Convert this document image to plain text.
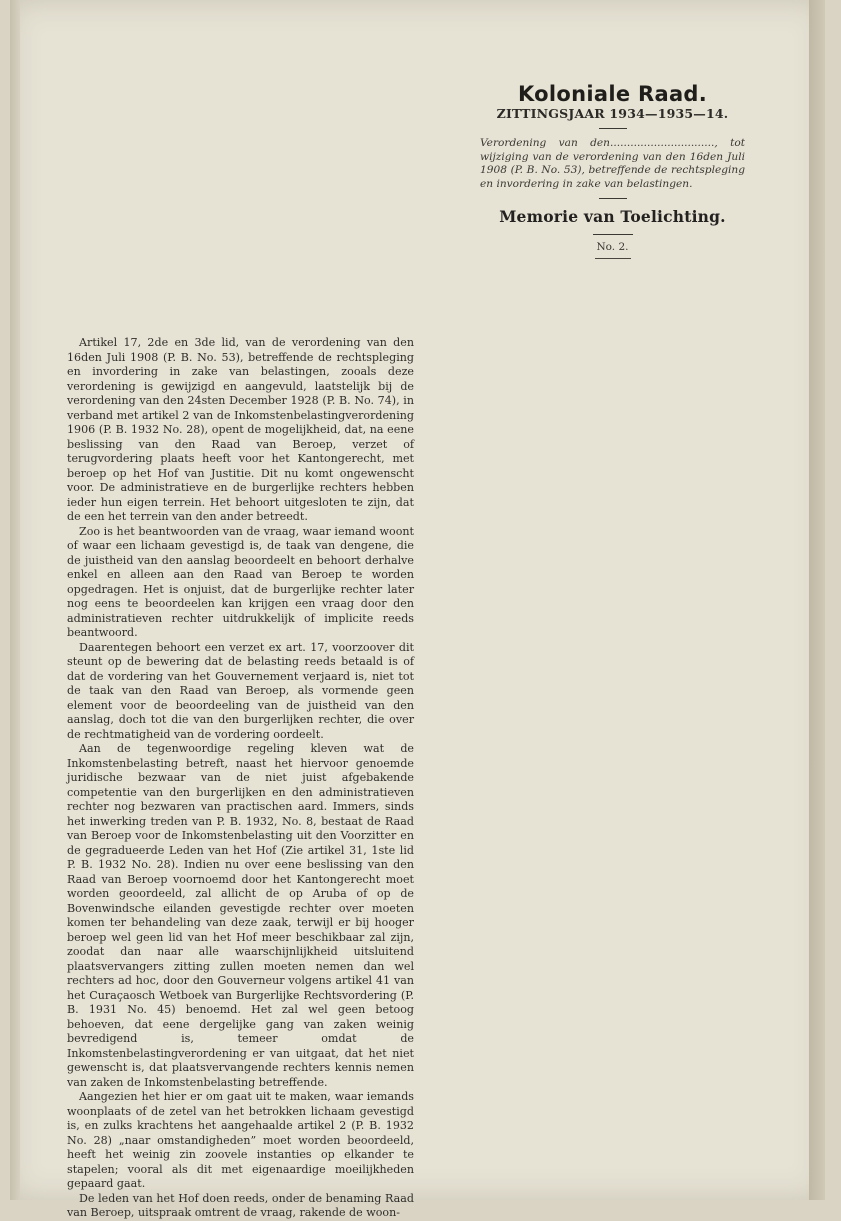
Koloniale Raad.

ZITTINGSJAAR 1934—1935—14.

Verordening van den..............................., tot wijziging van de verordening van den 16den Juli 1908 (P. B. No. 53), betreffende de rechtspleging en invordering in zake van belastingen.

Memorie van Toelichting.

No. 2.

Artikel 17, 2de en 3de lid, van de verordening van den 16den Juli 1908 (P. B. No. 53), betreffende de rechtspleging en invordering in zake van belastingen, zooals deze verordening is gewijzigd en aangevuld, laatstelijk bij de verordening van den 24sten December 1928 (P. B. No. 74), in verband met artikel 2 van de Inkomstenbelastingverordening 1906 (P. B. 1932 No. 28), opent de mogelijkheid, dat, na eene beslissing van den Raad van Beroep, verzet of terugvordering plaats heeft voor het Kantongerecht, met beroep op het Hof van Justitie. Dit nu komt ongewenscht voor. De administratieve en de burgerlijke rechters hebben ieder hun eigen terrein. Het behoort uitgesloten te zijn, dat de een het terrein van den ander betreedt.

Zoo is het beantwoorden van de vraag, waar iemand woont of waar een lichaam gevestigd is, de taak van dengene, die de juistheid van den aanslag beoordeelt en behoort derhalve enkel en alleen aan den Raad van Beroep te worden opgedragen. Het is onjuist, dat de burgerlijke rechter later nog eens te beoordeelen kan krijgen een vraag door den administratieven rechter uitdrukkelijk of implicite reeds beantwoord.

Daarentegen behoort een verzet ex art. 17, voorzoover dit steunt op de bewering dat de belasting reeds betaald is of dat de vordering van het Gouvernement verjaard is, niet tot de taak van den Raad van Beroep, als vormende geen element voor de beoordeeling van de juistheid van den aanslag, doch tot die van den burgerlijken rechter, die over de rechtmatigheid van de vordering oordeelt.

Aan de tegenwoordige regeling kleven wat de Inkomstenbelasting betreft, naast het hiervoor genoemde juridische bezwaar van de niet juist afgebakende competentie van den burgerlijken en den administratieven rechter nog bezwaren van practischen aard. Immers, sinds het inwerking treden van P. B. 1932, No. 8, bestaat de Raad van Beroep voor de Inkomstenbelasting uit den Voorzitter en de gegradueerde Leden van het Hof (Zie artikel 31, 1ste lid P. B. 1932 No. 28). Indien nu over eene beslissing van den Raad van Beroep voornoemd door het Kantongerecht moet worden geoordeeld, zal allicht de op Aruba of op de Bovenwindsche eilanden gevestigde rechter over moeten komen ter behandeling van deze zaak, terwijl er bij hooger beroep wel geen lid van het Hof meer beschikbaar zal zijn, zoodat dan naar alle waarschijnlijkheid uitsluitend plaatsvervangers zitting zullen moeten nemen dan wel rechters ad hoc, door den Gouverneur volgens artikel 41 van het Curaçaosch Wetboek van Burgerlijke Rechtsvordering (P. B. 1931 No. 45) benoemd. Het zal wel geen betoog behoeven, dat eene dergelijke gang van zaken weinig bevredigend is, temeer omdat de Inkomstenbelastingverordening er van uitgaat, dat het niet gewenscht is, dat plaatsvervangende rechters kennis nemen van zaken de Inkomstenbelasting betreffende.

Aangezien het hier er om gaat uit te maken, waar iemands woonplaats of de zetel van het betrokken lichaam gevestigd is, en zulks krachtens het aangehaalde artikel 2 (P. B. 1932 No. 28) „naar omstandigheden” moet worden beoordeeld, heeft het weinig zin zoovele instanties op elkander te stapelen; vooral als dit met eigenaardige moeilijkheden gepaard gaat.

De leden van het Hof doen reeds, onder de benaming Raad van Beroep, uitspraak omtrent de vraag, rakende de woon-
